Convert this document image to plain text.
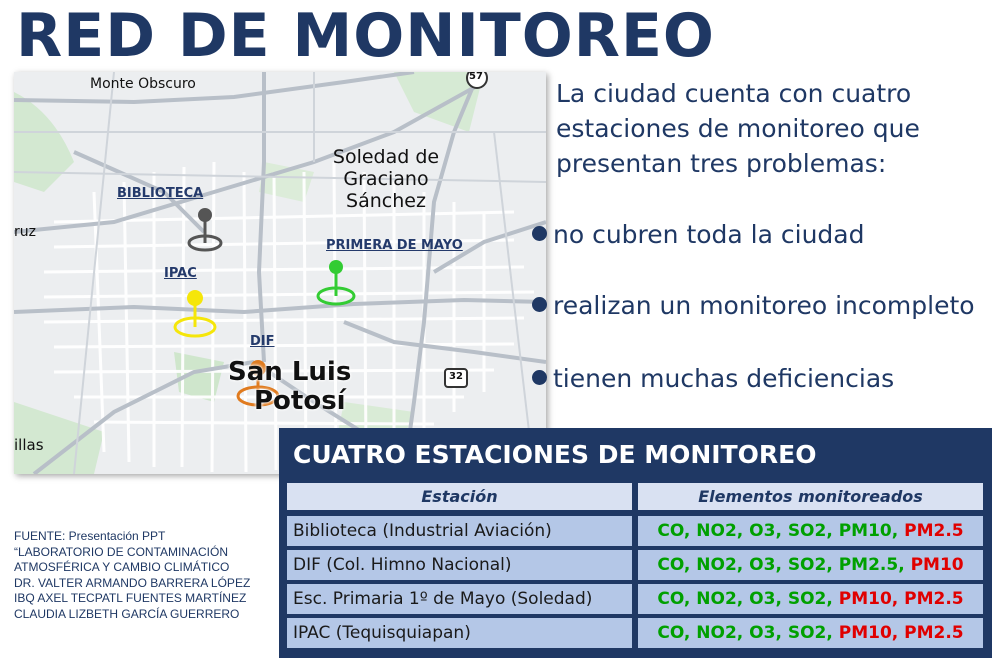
RED DE MONITOREO
57
32
Monte Obscuro
ruz
illas
Soledad de
Graciano
Sánchez
San Luis
Potosí
BIBLIOTECA
IPAC
DIF
PRIMERA DE MAYO
La ciudad cuenta con cuatro estaciones de monitoreo que presentan tres problemas:
no cubren toda la ciudad
realizan un monitoreo incompleto
tienen muchas deficiencias
FUENTE: Presentación PPT
“LABORATORIO DE CONTAMINACIÓN
ATMOSFÉRICA Y CAMBIO CLIMÁTICO
DR. VALTER ARMANDO BARRERA LÓPEZ
IBQ AXEL TECPATL FUENTES MARTÍNEZ
CLAUDIA LIZBETH GARCÍA GUERRERO
CUATRO ESTACIONES DE MONITOREO
Estación	Elementos monitoreados
Biblioteca (Industrial Aviación)	CO, NO2, O3, SO2, PM10, PM2.5
DIF (Col. Himno Nacional)	CO, NO2, O3, SO2, PM2.5, PM10
Esc. Primaria 1º de Mayo (Soledad)	CO, NO2, O3, SO2, PM10, PM2.5
IPAC (Tequisquiapan)	CO, NO2, O3, SO2, PM10, PM2.5
